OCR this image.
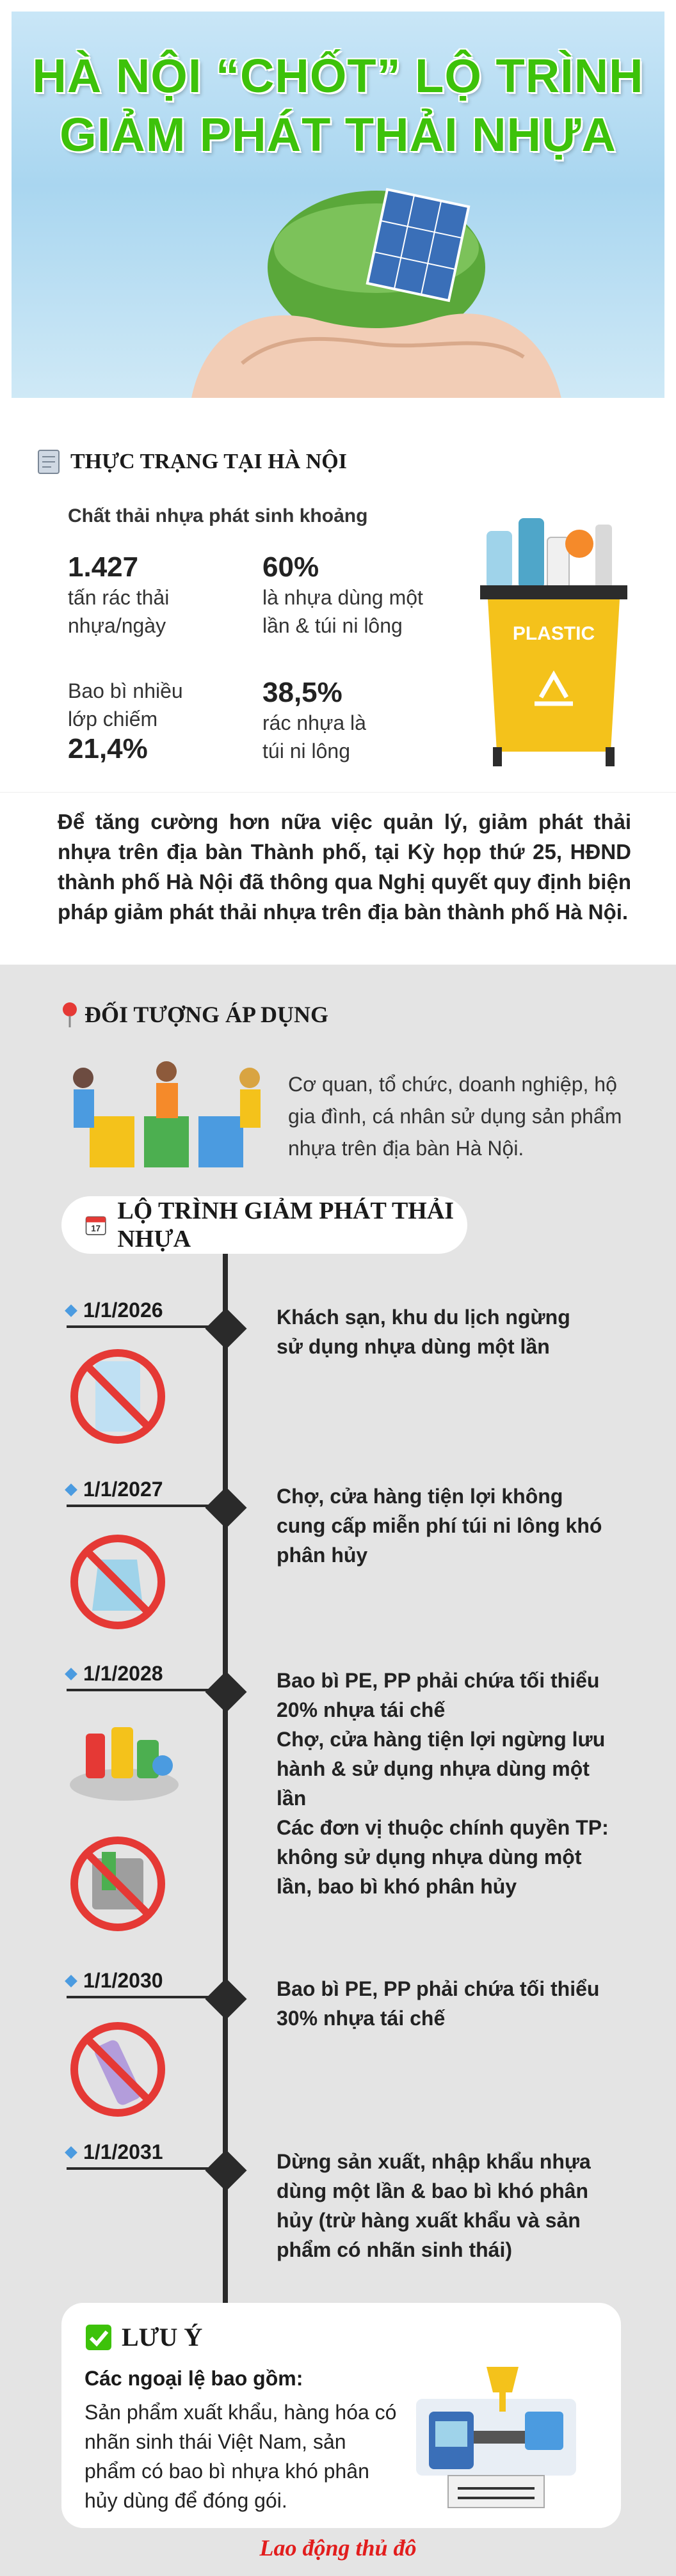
HÀ NỘI “CHỐT” LỘ TRÌNH
GIẢM PHÁT THẢI NHỰA
THỰC TRẠNG TẠI HÀ NỘI
Chất thải nhựa phát sinh khoảng
1.427
tấn rác thải
nhựa/ngày
60%
là nhựa dùng một
lần & túi ni lông
Bao bì nhiều
lớp chiếm
21,4%
38,5%
rác nhựa là
túi ni lông
PLASTIC
Để tăng cường hơn nữa việc quản lý, giảm phát thải nhựa trên địa bàn Thành phố, tại Kỳ họp thứ 25, HĐND thành phố Hà Nội đã thông qua Nghị quyết quy định biện pháp giảm phát thải nhựa trên địa bàn thành phố Hà Nội.
ĐỐI TƯỢNG ÁP DỤNG
Cơ quan, tổ chức, doanh nghiệp, hộ gia đình, cá nhân sử dụng sản phẩm nhựa trên địa bàn Hà Nội.
17
LỘ TRÌNH GIẢM PHÁT THẢI NHỰA
1/1/2026	Khách sạn, khu du lịch ngừng sử dụng nhựa dùng một lần
1/1/2027	Chợ, cửa hàng tiện lợi không cung cấp miễn phí túi ni lông khó phân hủy
1/1/2028	Bao bì PE, PP phải chứa tối thiểu 20% nhựa tái chế
Chợ, cửa hàng tiện lợi ngừng lưu hành & sử dụng nhựa dùng một lần
Các đơn vị thuộc chính quyền TP: không sử dụng nhựa dùng một lần, bao bì khó phân hủy
1/1/2030	Bao bì PE, PP phải chứa tối thiểu 30% nhựa tái chế
1/1/2031	Dừng sản xuất, nhập khẩu nhựa dùng một lần & bao bì khó phân hủy (trừ hàng xuất khẩu và sản phẩm có nhãn sinh thái)
LƯU Ý
Các ngoại lệ bao gồm:
Sản phẩm xuất khẩu, hàng hóa có nhãn sinh thái Việt Nam, sản phẩm có bao bì nhựa khó phân hủy dùng để đóng gói.
Lao động thủ đô
